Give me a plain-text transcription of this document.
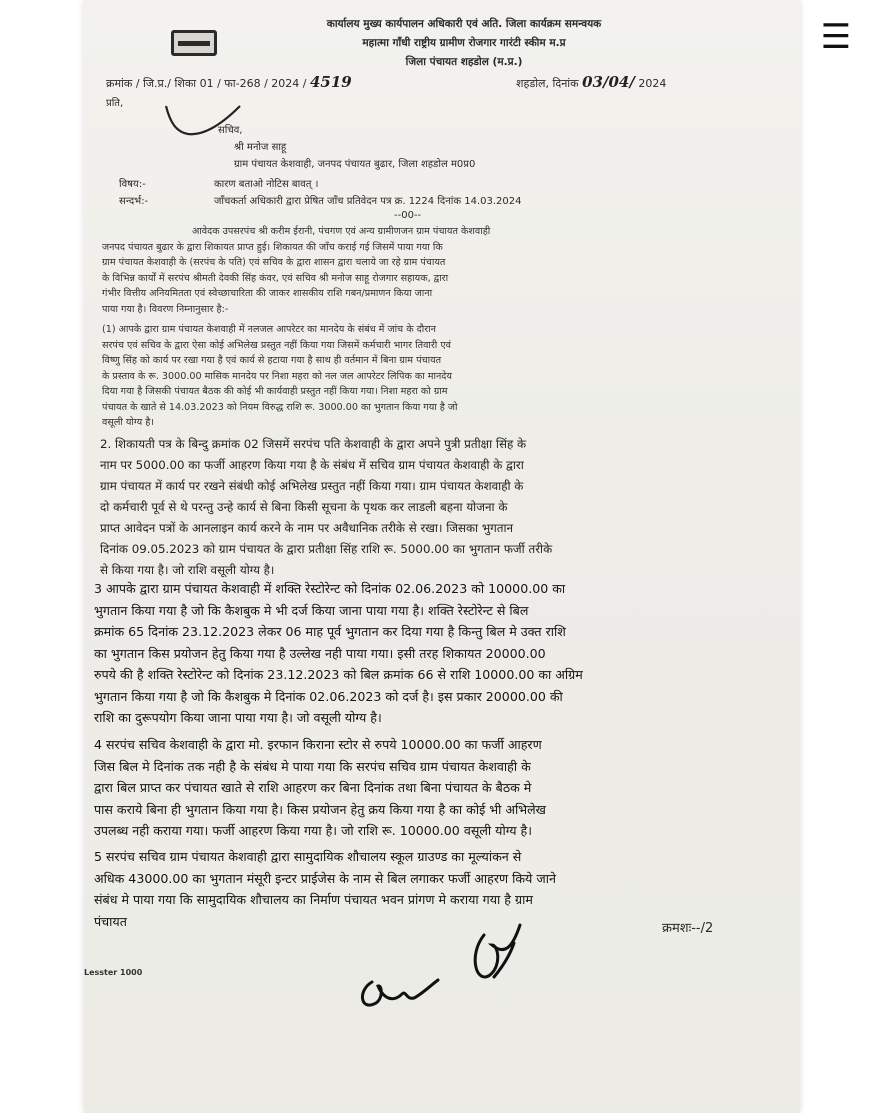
☰
कार्यालय मुख्य कार्यपालन अधिकारी एवं अति. जिला कार्यक्रम समन्वयक
महात्मा गाँधी राष्ट्रीय ग्रामीण रोजगार गारंटी स्कीम म.प्र
जिला पंचायत शहडोल (म.प्र.)
क्रमांक / जि.प्र./ शिका 01 / फा-268 / 2024 / 4519	शहडोल, दिनांक 03/04/ 2024
प्रति,
सचिव,
श्री मनोज साहू
ग्राम पंचायत केशवाही, जनपद पंचायत बुढार, जिला शहडोल म0प्र0
विषय:-	कारण बताओ नोटिस बावत् ।
सन्दर्भ:-	जाँचकर्ता अधिकारी द्वारा प्रेषित जाँच प्रतिवेदन पत्र क्र. 1224 दिनांक 14.03.2024
--00--
आवेदक उपसरपंच श्री करीम ईरानी, पंचगण एवं अन्य ग्रामीणजन ग्राम पंचायत केशवाही
जनपद पंचायत बुढार के द्वारा शिकायत प्राप्त हुई। शिकायत की जाँच कराई गई जिसमें पाया गया कि
ग्राम पंचायत केशवाही के (सरपंच के पति) एवं सचिव के द्वारा शासन द्वारा चलाये जा रहे ग्राम पंचायत
के विभिन्न कार्यों में सरपंच श्रीमती देवकी सिंह कंवर, एवं सचिव श्री मनोज साहू रोजगार सहायक, द्वारा
गंभीर वित्तीय अनियमितता एवं स्वेच्छाचारिता की जाकर शासकीय राशि गबन/प्रमाणन किया जाना
पाया गया है। विवरण निम्नानुसार है:-
(1) आपके द्वारा ग्राम पंचायत केशवाही में नलजल आपरेटर का मानदेय के संबंध में जांच के दौरान
सरपंच एवं सचिव के द्वारा ऐसा कोई अभिलेख प्रस्तुत नहीं किया गया जिसमें कर्मचारी भागर तिवारी एवं
विष्णु सिंह को कार्य पर रखा गया है एवं कार्य से हटाया गया है साथ ही वर्तमान में बिना ग्राम पंचायत
के प्रस्ताव के रू. 3000.00 मासिक मानदेय पर निशा महरा को नल जल आपरेटर लिपिक का मानदेय
दिया गया है जिसकी पंचायत बैठक की कोई भी कार्यवाही प्रस्तुत नहीं किया गया। निशा महरा को ग्राम
पंचायत के खाते से 14.03.2023 को नियम विरुद्ध राशि रू. 3000.00 का भुगतान किया गया है जो
वसूली योग्य है।
2. शिकायती पत्र के बिन्दु क्रमांक 02 जिसमें सरपंच पति केशवाही के द्वारा अपने पुत्री प्रतीक्षा सिंह के
नाम पर 5000.00 का फर्जी आहरण किया गया है के संबंध में सचिव ग्राम पंचायत केशवाही के द्वारा
ग्राम पंचायत में कार्य पर रखने संबंधी कोई अभिलेख प्रस्तुत नहीं किया गया। ग्राम पंचायत केशवाही के
दो कर्मचारी पूर्व से थे परन्तु उन्हे कार्य से बिना किसी सूचना के पृथक कर लाडली बहना योजना के
प्राप्त आवेदन पत्रों के आनलाइन कार्य करने के नाम पर अवैधानिक तरीके से रखा। जिसका भुगतान
दिनांक 09.05.2023 को ग्राम पंचायत के द्वारा प्रतीक्षा सिंह राशि रू. 5000.00 का भुगतान फर्जी तरीके
से किया गया है। जो राशि वसूली योग्य है।
3 आपके द्वारा ग्राम पंचायत केशवाही में शक्ति रेस्टोरेन्ट को दिनांक 02.06.2023 को 10000.00 का
भुगतान किया गया है जो कि कैशबुक मे भी दर्ज किया जाना पाया गया है। शक्ति रेस्टोरेन्ट से बिल
क्रमांक 65 दिनांक 23.12.2023 लेकर 06 माह पूर्व भुगतान कर दिया गया है किन्तु बिल मे उक्त राशि
का भुगतान किस प्रयोजन हेतु किया गया है उल्लेख नही पाया गया। इसी तरह शिकायत 20000.00
रुपये की है शक्ति रेस्टोरेन्ट को दिनांक 23.12.2023 को बिल क्रमांक 66 से राशि 10000.00 का अग्रिम
भुगतान किया गया है जो कि कैशबुक मे दिनांक 02.06.2023 को दर्ज है। इस प्रकार 20000.00 की
राशि का दुरूपयोग किया जाना पाया गया है। जो वसूली योग्य है।
4 सरपंच सचिव केशवाही के द्वारा मो. इरफान किराना स्टोर से रुपये 10000.00 का फर्जी आहरण
जिस बिल मे दिनांक तक नही है के संबंध मे पाया गया कि सरपंच सचिव ग्राम पंचायत केशवाही के
द्वारा बिल प्राप्त कर पंचायत खाते से राशि आहरण कर बिना दिनांक तथा बिना पंचायत के बैठक मे
पास कराये बिना ही भुगतान किया गया है। किस प्रयोजन हेतु क्रय किया गया है का कोई भी अभिलेख
उपलब्ध नही कराया गया। फर्जी आहरण किया गया है। जो राशि रू. 10000.00 वसूली योग्य है।
5 सरपंच सचिव ग्राम पंचायत केशवाही द्वारा सामुदायिक शौचालय स्कूल ग्राउण्ड का मूल्यांकन से
अधिक 43000.00 का भुगतान मंसूरी इन्टर प्राईजेस के नाम से बिल लगाकर फर्जी आहरण किये जाने
संबंध मे पाया गया कि सामुदायिक शौचालय का निर्माण पंचायत भवन प्रांगण मे कराया गया है ग्राम
पंचायत	क्रमशः--/2
Lesster 1000
